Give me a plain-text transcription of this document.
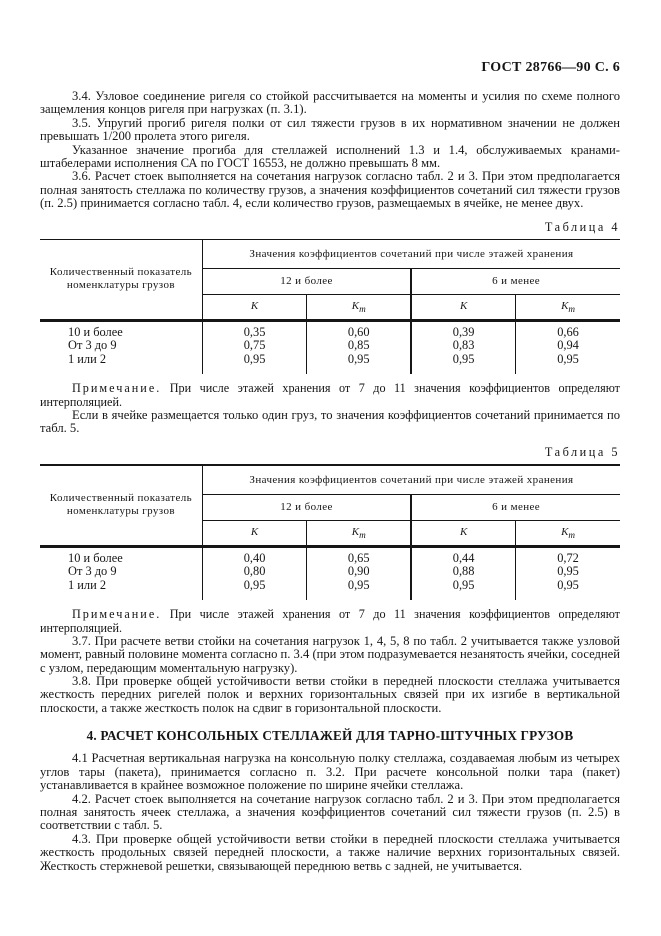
ГОСТ 28766—90 С. 6

3.4. Узловое соединение ригеля со стойкой рассчитывается на моменты и усилия по схеме полного защемления концов ригеля при нагрузках (п. 3.1).

3.5. Упругий прогиб ригеля полки от сил тяжести грузов в их нормативном значении не должен превышать 1/200 пролета этого ригеля.

Указанное значение прогиба для стеллажей исполнений 1.3 и 1.4, обслуживаемых кранами-штабелерами исполнения СА по ГОСТ 16553, не должно превышать 8 мм.

3.6. Расчет стоек выполняется на сочетания нагрузок согласно табл. 2 и 3. При этом предполагается полная занятость стеллажа по количеству грузов, а значения коэффициентов сочетаний сил тяжести грузов (п. 2.5) принимается согласно табл. 4, если количество грузов, размещаемых в ячейке, не менее двух.

Таблица 4
Количественный показатель номенклатуры грузов	Значения коэффициентов сочетаний при числе этажей хранения			
	12 и более		6 и менее	
	К	$К_т$	К	$К_т$
10 и более	0,35	0,60	0,39	0,66
От 3 до 9	0,75	0,85	0,83	0,94
1 или 2	0,95	0,95	0,95	0,95

Примечание. При числе этажей хранения от 7 до 11 значения коэффициентов определяют интерполяцией.

Если в ячейке размещается только один груз, то значения коэффициентов сочетаний принимается по табл. 5.

Таблица 5
Количественный показатель номенклатуры грузов	Значения коэффициентов сочетаний при числе этажей хранения			
	12 и более		6 и менее	
	К	$К_т$	К	$К_т$
10 и более	0,40	0,65	0,44	0,72
От 3 до 9	0,80	0,90	0,88	0,95
1 или 2	0,95	0,95	0,95	0,95

Примечание. При числе этажей хранения от 7 до 11 значения коэффициентов определяют интерполяцией.

3.7. При расчете ветви стойки на сочетания нагрузок 1, 4, 5, 8 по табл. 2 учитывается также узловой момент, равный половине момента согласно п. 3.4 (при этом подразумевается незанятость ячейки, соседней с узлом, передающим моментальную нагрузку).

3.8. При проверке общей устойчивости ветви стойки в передней плоскости стеллажа учитывается жесткость передних ригелей полок и верхних горизонтальных связей при их изгибе в вертикальной плоскости, а также жесткость полок на сдвиг в горизонтальной плоскости.

4. РАСЧЕТ КОНСОЛЬНЫХ СТЕЛЛАЖЕЙ ДЛЯ ТАРНО-ШТУЧНЫХ ГРУЗОВ

4.1 Расчетная вертикальная нагрузка на консольную полку стеллажа, создаваемая любым из четырех углов тары (пакета), принимается согласно п. 3.2. При расчете консольной полки тара (пакет) устанавливается в крайнее возможное положение по ширине ячейки стеллажа.

4.2. Расчет стоек выполняется на сочетание нагрузок согласно табл. 2 и 3. При этом предполагается полная занятость ячеек стеллажа, а значения коэффициентов сочетаний сил тяжести грузов (п. 2.5) в соответствии с табл. 5.

4.3. При проверке общей устойчивости ветви стойки в передней плоскости стеллажа учитывается жесткость продольных связей передней плоскости, а также наличие верхних горизонтальных связей. Жесткость стержневой решетки, связывающей переднюю ветвь с задней, не учитывается.
